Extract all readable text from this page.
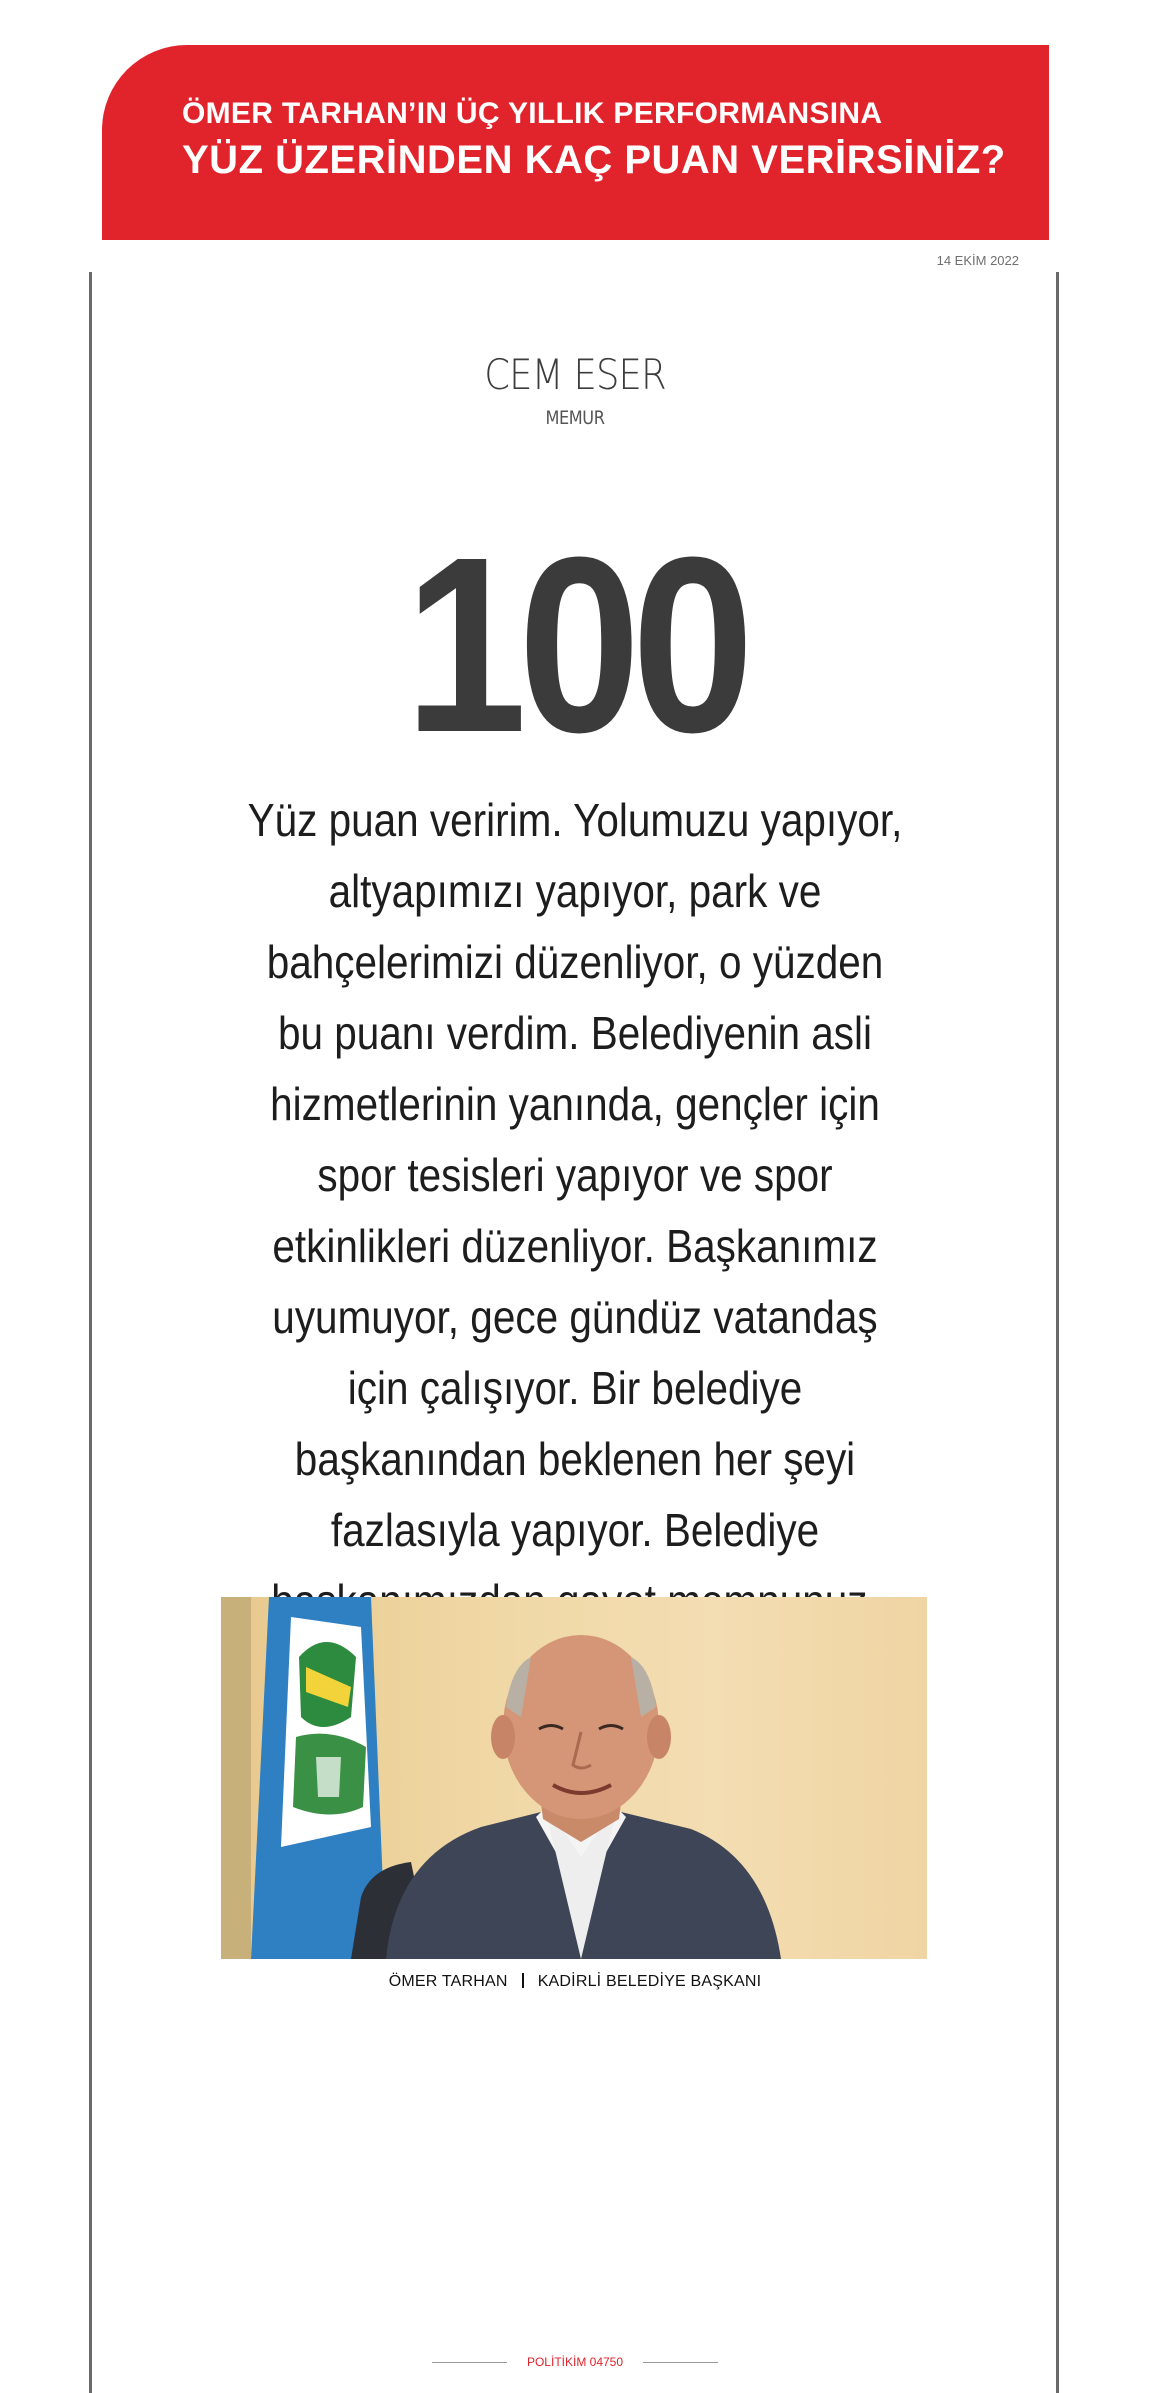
ÖMER TARHAN’IN ÜÇ YILLIK PERFORMANSINA
YÜZ ÜZERİNDEN KAÇ PUAN VERİRSİNİZ?
14 EKİM 2022
CEM ESER
MEMUR
100
Yüz puan veririm. Yolumuzu yapıyor, altyapımızı yapıyor, park ve bahçelerimizi düzenliyor, o yüzden bu puanı verdim. Belediyenin asli hizmetlerinin yanında, gençler için spor tesisleri yapıyor ve spor etkinlikleri düzenliyor. Başkanımız uyumuyor, gece gündüz vatandaş için çalışıyor. Bir belediye başkanından beklenen her şeyi fazlasıyla yapıyor. Belediye
ÖMER TARHAN KADİRLİ BELEDİYE BAŞKANI
POLİTİKİM 04750
